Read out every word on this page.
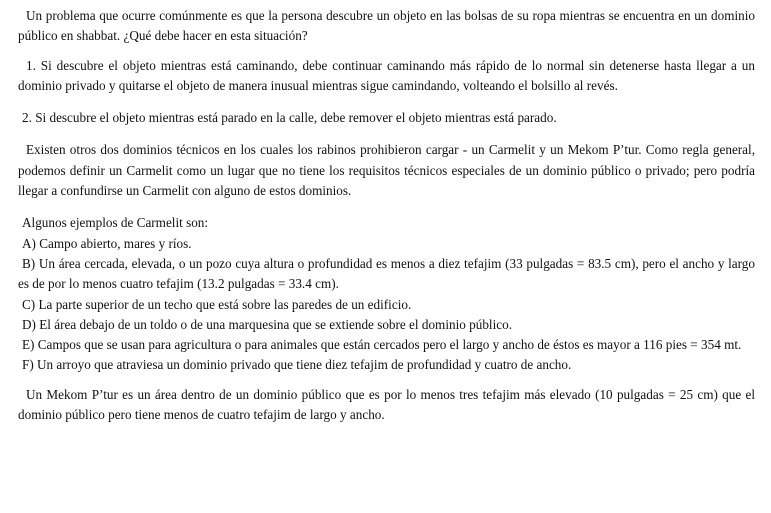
Un problema que ocurre comúnmente es que la persona descubre un objeto en las bolsas de su ropa mientras se encuentra en un dominio público en shabbat. ¿Qué debe hacer en esta situación?

1. Si descubre el objeto mientras está caminando, debe continuar caminando más rápido de lo normal sin detenerse hasta llegar a un dominio privado y quitarse el objeto de manera inusual mientras sigue camindando, volteando el bolsillo al revés.

2. Si descubre el objeto mientras está parado en la calle, debe remover el objeto mientras está parado.

Existen otros dos dominios técnicos en los cuales los rabinos prohibieron cargar - un Carmelit y un Mekom P’tur. Como regla general, podemos definir un Carmelit como un lugar que no tiene los requisitos técnicos especiales de un dominio público o privado; pero podría llegar a confundirse un Carmelit con alguno de estos dominios.

Algunos ejemplos de Carmelit son:

A) Campo abierto, mares y ríos.

B) Un área cercada, elevada, o un pozo cuya altura o profundidad es menos a diez tefajim (33 pulgadas = 83.5 cm), pero el ancho y largo es de por lo menos cuatro tefajim (13.2 pulgadas = 33.4 cm).

C) La parte superior de un techo que está sobre las paredes de un edificio.

D) El área debajo de un toldo o de una marquesina que se extiende sobre el dominio público.

E) Campos que se usan para agricultura o para animales que están cercados pero el largo y ancho de éstos es mayor a 116 pies = 354 mt.

F) Un arroyo que atraviesa un dominio privado que tiene diez tefajim de profundidad y cuatro de ancho.

Un Mekom P’tur es un área dentro de un dominio público que es por lo menos tres tefajim más elevado (10 pulgadas = 25 cm) que el dominio público pero tiene menos de cuatro tefajim de largo y ancho.
